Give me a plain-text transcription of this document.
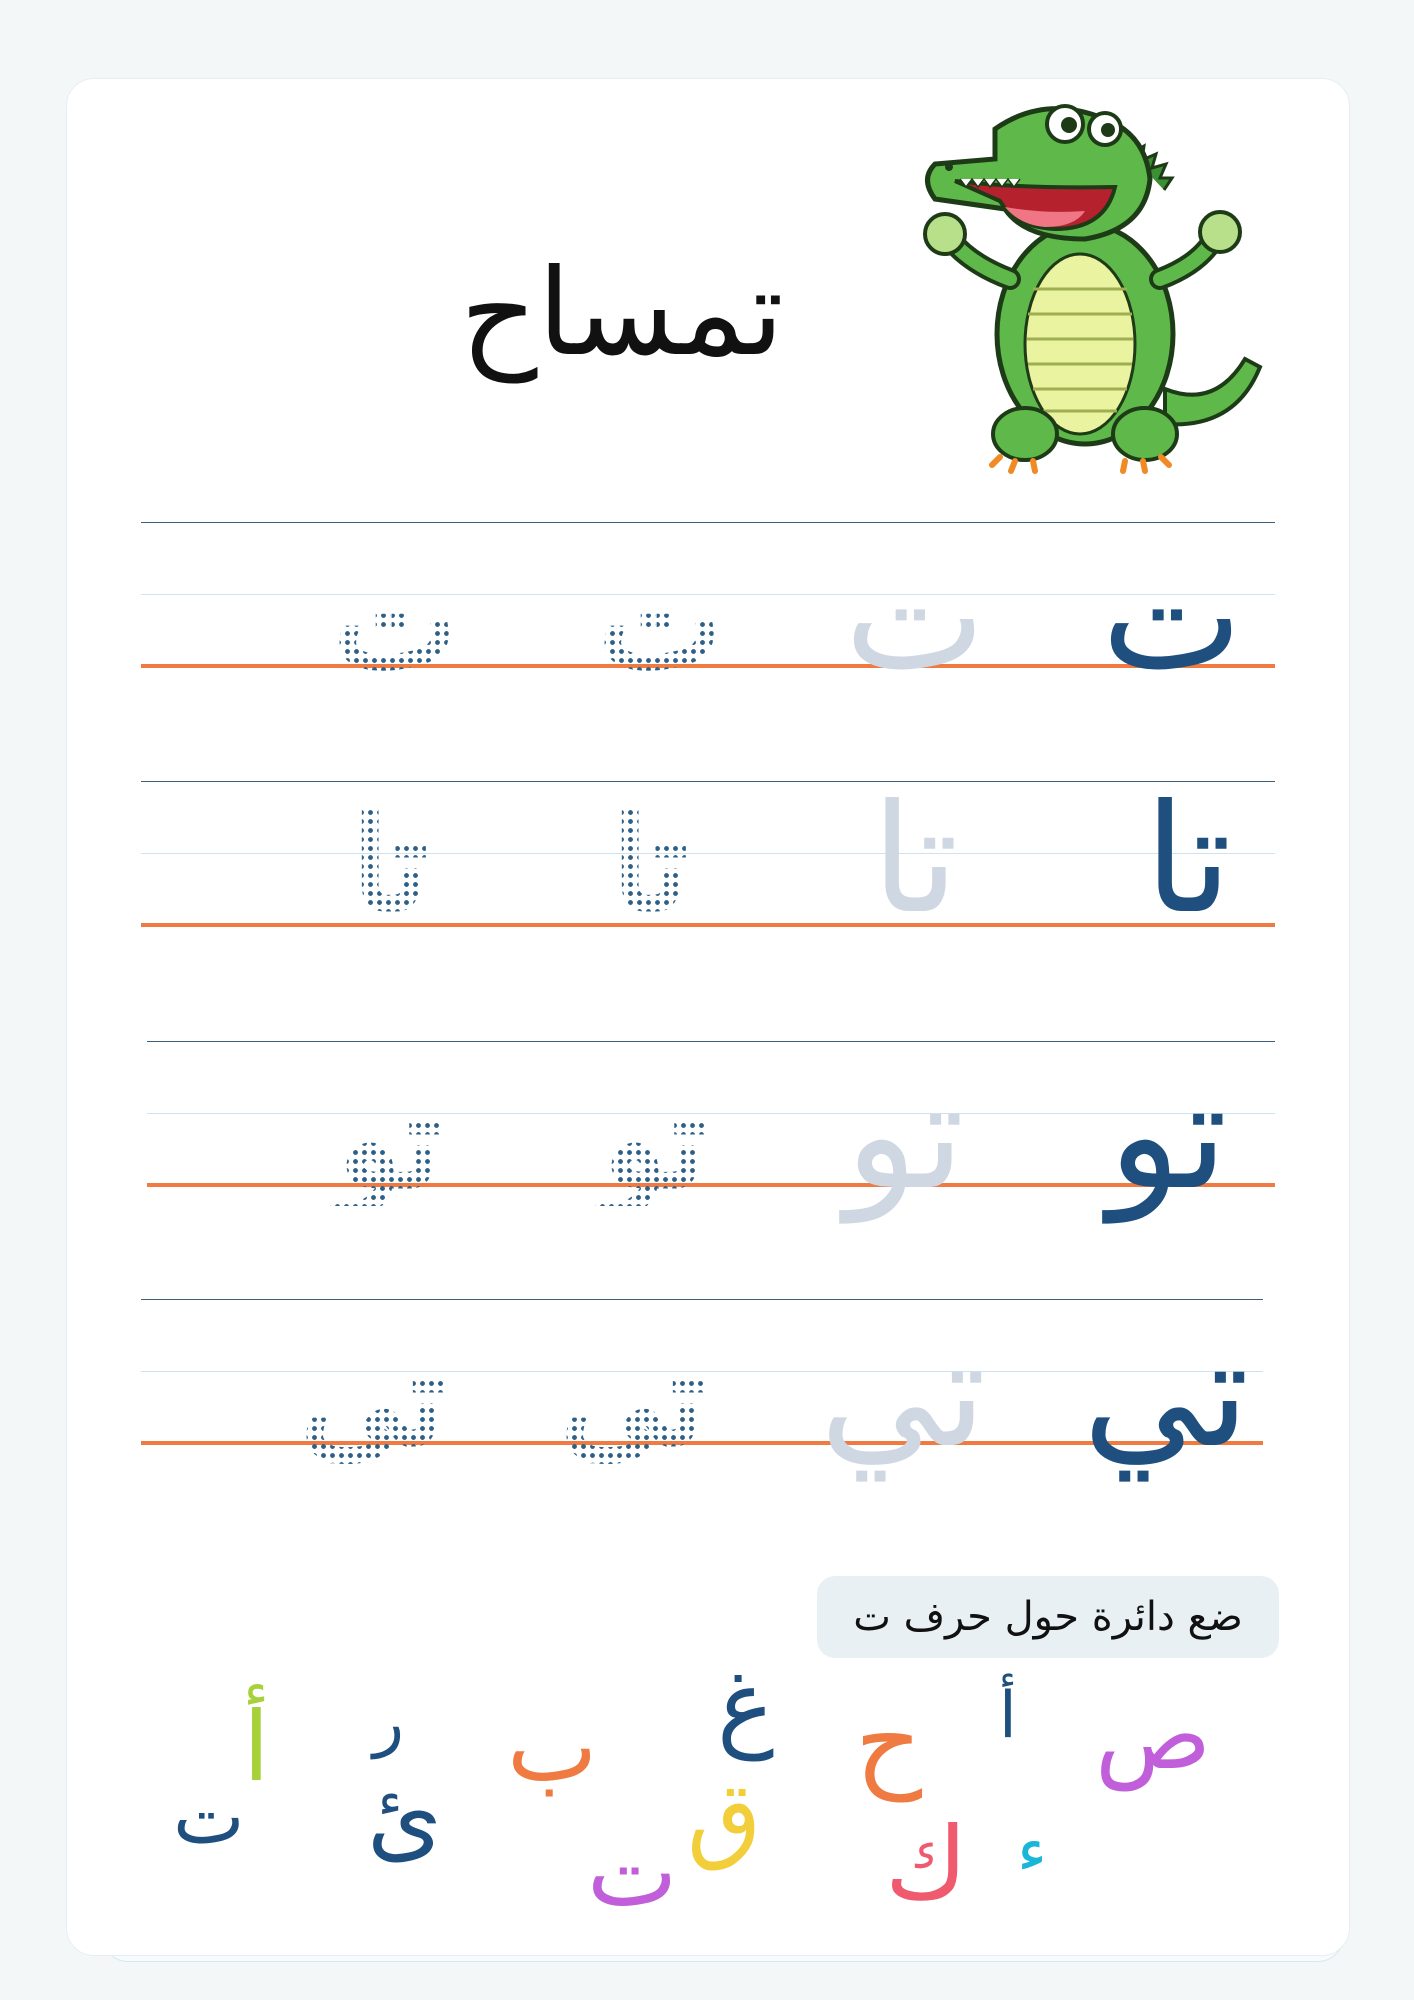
تمساح
ت
ت
ت
ت
تا
تا
تا
تا
تو
تو
تو
تو
تي
تي
تي
تي
ضع دائرة حول حرف ت
ص
أ
ح
غ
ب
ر
أ
ت ئ	ق
ت ك ء
